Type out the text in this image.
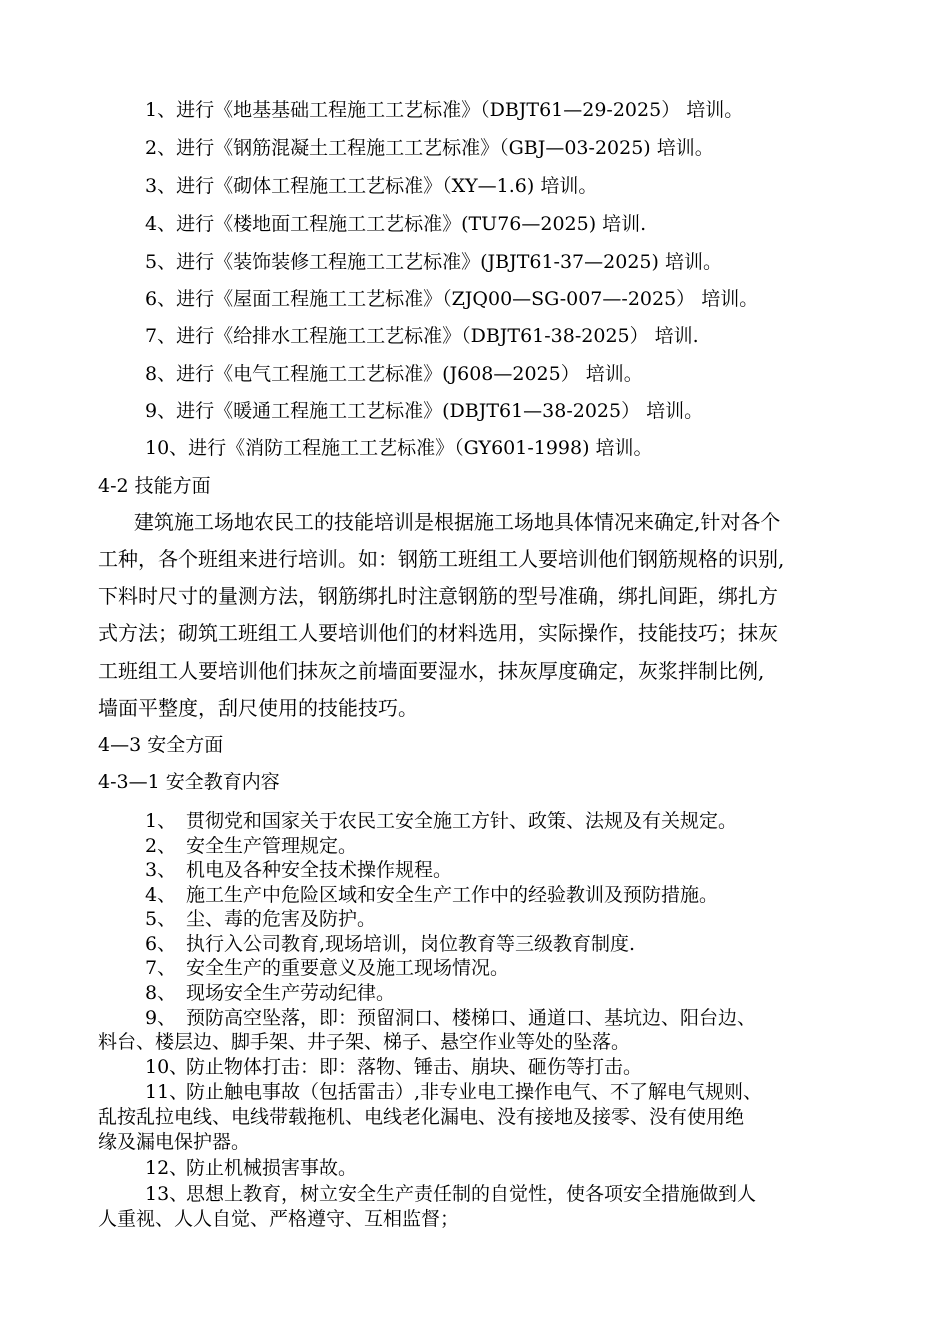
1、进行《地基基础工程施工工艺标准》（DBJT61—29-2025） 培训。
2、进行《钢筋混凝土工程施工工艺标准》（GBJ—03-2025) 培训。
3、进行《砌体工程施工工艺标准》（XY—1.6) 培训。
4、进行《楼地面工程施工工艺标准》(TU76—2025) 培训.
5、进行《装饰装修工程施工工艺标准》(JBJT61-37—2025) 培训。
6、进行《屋面工程施工工艺标准》（ZJQ00—SG-007—-2025） 培训。
7、进行《给排水工程施工工艺标准》（DBJT61-38-2025） 培训.
8、进行《电气工程施工工艺标准》(J608—2025） 培训。
9、进行《暖通工程施工工艺标准》(DBJT61—38-2025） 培训。
10、进行《消防工程施工工艺标准》（GY601-1998) 培训。
4-2 技能方面
建筑施工场地农民工的技能培训是根据施工场地具体情况来确定,针对各个
工种，各个班组来进行培训。如：钢筋工班组工人要培训他们钢筋规格的识别,
下料时尺寸的量测方法，钢筋绑扎时注意钢筋的型号准确，绑扎间距，绑扎方
式方法；砌筑工班组工人要培训他们的材料选用，实际操作，技能技巧；抹灰
工班组工人要培训他们抹灰之前墙面要湿水，抹灰厚度确定，灰浆拌制比例,
墙面平整度，刮尺使用的技能技巧。
4—3 安全方面
4-3—1 安全教育内容
1、 贯彻党和国家关于农民工安全施工方针、政策、法规及有关规定。
2、 安全生产管理规定。
3、 机电及各种安全技术操作规程。
4、 施工生产中危险区域和安全生产工作中的经验教训及预防措施。
5、 尘、毒的危害及防护。
6、 执行入公司教育,现场培训，岗位教育等三级教育制度.
7、 安全生产的重要意义及施工现场情况。
8、 现场安全生产劳动纪律。
9、 预防高空坠落，即：预留洞口、楼梯口、通道口、基坑边、阳台边、
料台、楼层边、脚手架、井子架、梯子、悬空作业等处的坠落。
10、
防止物体打击：即：落物、锤击、崩块、砸伤等打击。
11、
防止触电事故（包括雷击）,非专业电工操作电气、不了解电气规则、
乱按乱拉电线、电线带载拖机、电线老化漏电、没有接地及接零、没有使用绝
缘及漏电保护器。
12、
防止机械损害事故。
13、
思想上教育，树立安全生产责任制的自觉性，使各项安全措施做到人
人重视、人人自觉、严格遵守、互相监督；
